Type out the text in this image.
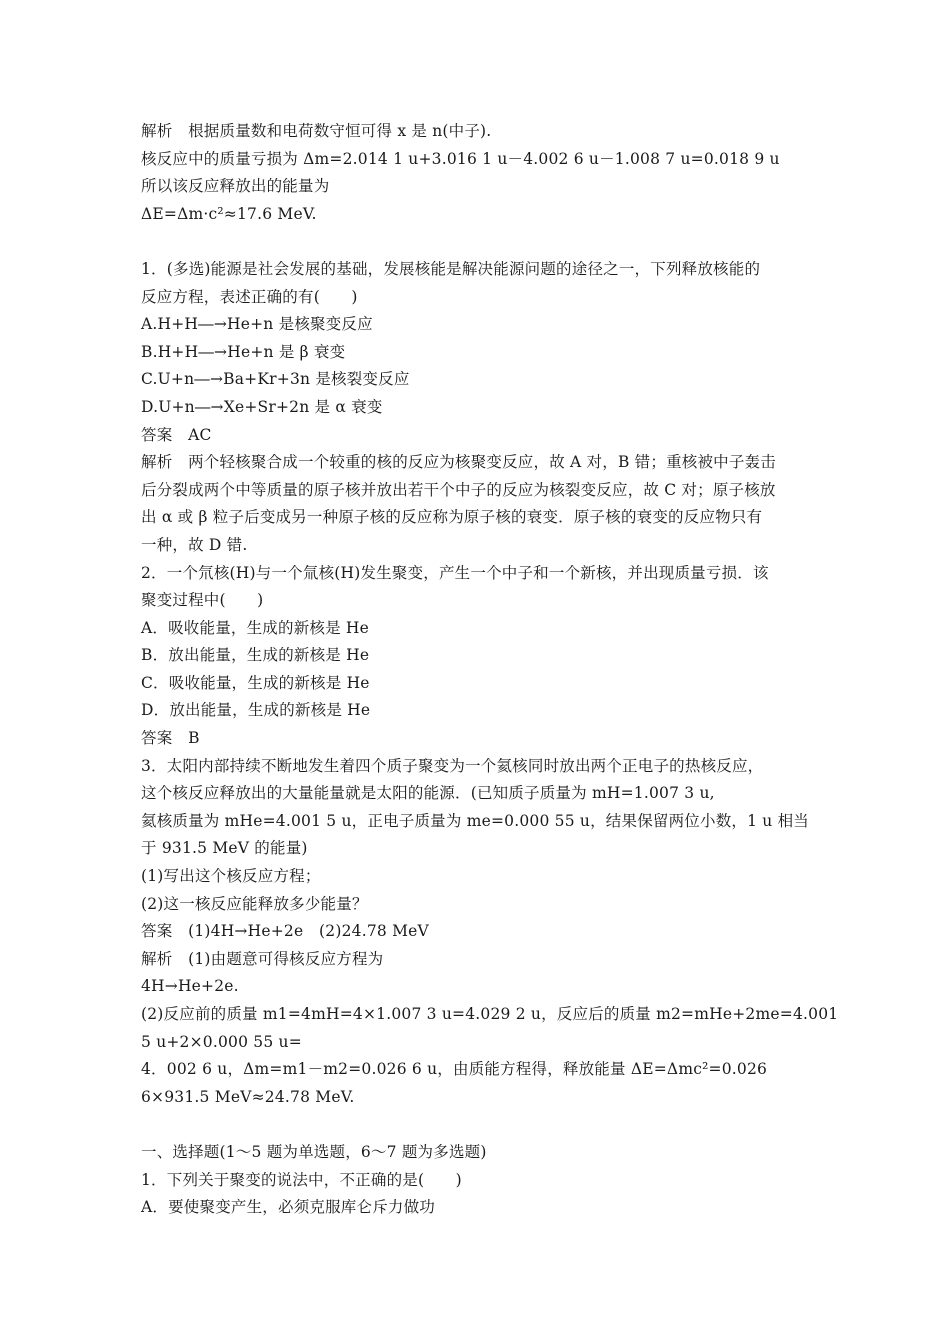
解析　根据质量数和电荷数守恒可得 x 是 n(中子).
核反应中的质量亏损为 Δm=2.014 1 u+3.016 1 u－4.002 6 u－1.008 7 u=0.018 9 u
所以该反应释放出的能量为
ΔE=Δm·c²≈17.6 MeV.
1．(多选)能源是社会发展的基础，发展核能是解决能源问题的途径之一，下列释放核能的
反应方程，表述正确的有(　　)
A.H+H―→He+n 是核聚变反应
B.H+H―→He+n 是 β 衰变
C.U+n―→Ba+Kr+3n 是核裂变反应
D.U+n―→Xe+Sr+2n 是 α 衰变
答案　AC
解析　两个轻核聚合成一个较重的核的反应为核聚变反应，故 A 对，B 错；重核被中子轰击
后分裂成两个中等质量的原子核并放出若干个中子的反应为核裂变反应，故 C 对；原子核放
出 α 或 β 粒子后变成另一种原子核的反应称为原子核的衰变．原子核的衰变的反应物只有
一种，故 D 错.
2．一个氘核(H)与一个氚核(H)发生聚变，产生一个中子和一个新核，并出现质量亏损．该
聚变过程中(　　)
A．吸收能量，生成的新核是 He
B．放出能量，生成的新核是 He
C．吸收能量，生成的新核是 He
D．放出能量，生成的新核是 He
答案　B
3．太阳内部持续不断地发生着四个质子聚变为一个氦核同时放出两个正电子的热核反应，
这个核反应释放出的大量能量就是太阳的能源．(已知质子质量为 mH=1.007 3 u,
氦核质量为 mHe=4.001 5 u，正电子质量为 me=0.000 55 u，结果保留两位小数，1 u 相当
于 931.5 MeV 的能量)
(1)写出这个核反应方程；
(2)这一核反应能释放多少能量？
答案　(1)4H→He+2e　(2)24.78 MeV
解析　(1)由题意可得核反应方程为
4H→He+2e.
(2)反应前的质量 m1=4mH=4×1.007 3 u=4.029 2 u，反应后的质量 m2=mHe+2me=4.001
5 u+2×0.000 55 u=
4．002 6 u，Δm=m1－m2=0.026 6 u，由质能方程得，释放能量 ΔE=Δmc²=0.026
6×931.5 MeV≈24.78 MeV.
一、选择题(1～5 题为单选题，6～7 题为多选题)
1．下列关于聚变的说法中，不正确的是(　　)
A．要使聚变产生，必须克服库仑斥力做功
